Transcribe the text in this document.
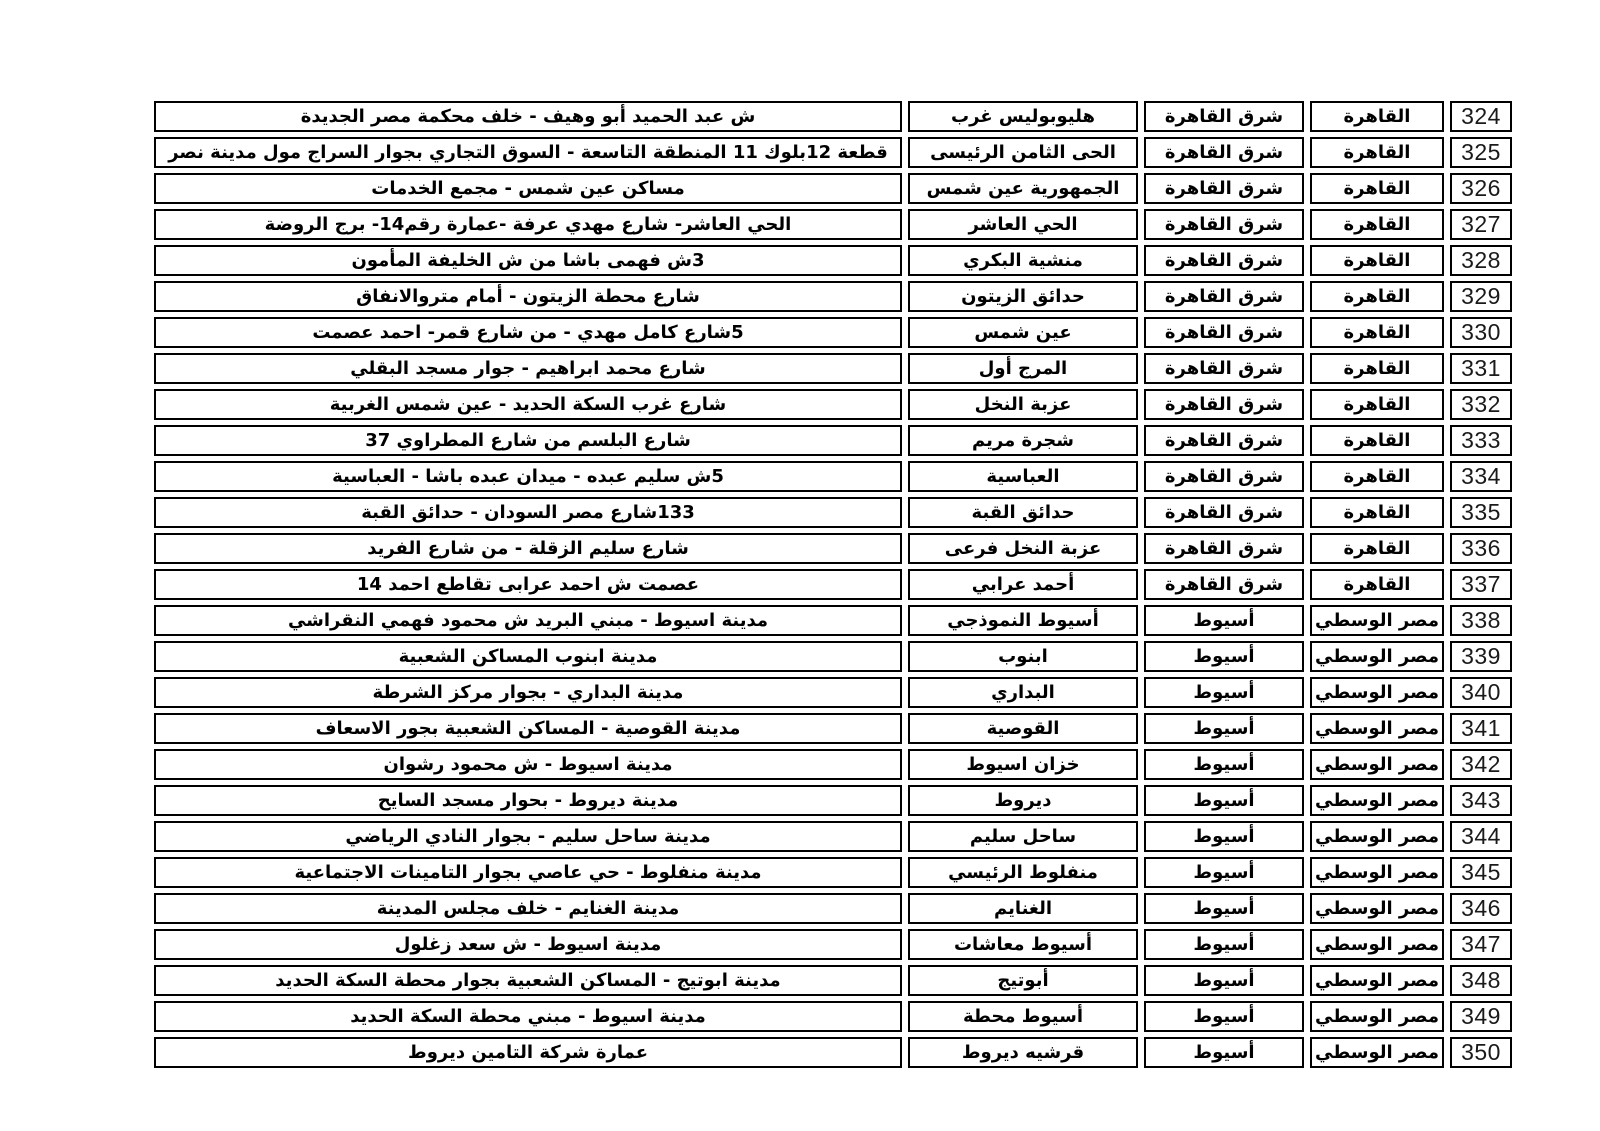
324	القاهرة	شرق القاهرة	هليوبوليس غرب	ش عبد الحميد أبو وهيف - خلف محكمة مصر الجديدة
325	القاهرة	شرق القاهرة	الحى الثامن الرئيسى	قطعة 12بلوك 11 المنطقة التاسعة - السوق التجاري بجوار السراج مول مدينة نصر
326	القاهرة	شرق القاهرة	الجمهورية عين شمس	مساكن عين شمس - مجمع الخدمات
327	القاهرة	شرق القاهرة	الحي العاشر	الحي العاشر- شارع مهدي عرفة -عمارة رقم14- برج الروضة
328	القاهرة	شرق القاهرة	منشية البكري	3ش فهمى باشا من ش الخليفة المأمون
329	القاهرة	شرق القاهرة	حدائق الزيتون	شارع محطة الزيتون - أمام متروالانفاق
330	القاهرة	شرق القاهرة	عين شمس	5شارع كامل مهدي - من شارع قمر- احمد عصمت
331	القاهرة	شرق القاهرة	المرج أول	شارع محمد ابراهيم - جوار مسجد البقلي
332	القاهرة	شرق القاهرة	عزبة النخل	شارع غرب السكة الحديد - عين شمس الغربية
333	القاهرة	شرق القاهرة	شجرة مريم	شارع البلسم من شارع المطراوي 37
334	القاهرة	شرق القاهرة	العباسية	5ش سليم عبده - ميدان عبده باشا - العباسية
335	القاهرة	شرق القاهرة	حدائق القبة	133شارع مصر السودان - حدائق القبة
336	القاهرة	شرق القاهرة	عزبة النخل فرعى	شارع سليم الزقلة - من شارع الفريد
337	القاهرة	شرق القاهرة	أحمد عرابي	عصمت ش احمد عرابى تقاطع احمد 14
338	مصر الوسطي	أسيوط	أسيوط النموذجي	مدينة اسيوط - مبني البريد ش محمود فهمي النقراشي
339	مصر الوسطي	أسيوط	ابنوب	مدينة ابنوب المساكن الشعبية
340	مصر الوسطي	أسيوط	البداري	مدينة البداري - بجوار مركز الشرطة
341	مصر الوسطي	أسيوط	القوصية	مدينة القوصية - المساكن الشعبية بجور الاسعاف
342	مصر الوسطي	أسيوط	خزان اسيوط	مدينة اسيوط - ش محمود رشوان
343	مصر الوسطي	أسيوط	ديروط	مدينة ديروط - بحوار مسجد السايح
344	مصر الوسطي	أسيوط	ساحل سليم	مدينة ساحل سليم - بجوار النادي الرياضي
345	مصر الوسطي	أسيوط	منفلوط الرئيسي	مدينة منفلوط - حي عاصي بجوار التامينات الاجتماعية
346	مصر الوسطي	أسيوط	الغنايم	مدينة الغنايم - خلف مجلس المدينة
347	مصر الوسطي	أسيوط	أسيوط معاشات	مدينة اسيوط - ش سعد زغلول
348	مصر الوسطي	أسيوط	أبوتيج	مدينة ابوتيج - المساكن الشعبية بجوار محطة السكة الحديد
349	مصر الوسطي	أسيوط	أسيوط محطة	مدينة اسيوط - مبني محطة السكة الحديد
350	مصر الوسطي	أسيوط	قرشيه ديروط	عمارة شركة التامين ديروط
